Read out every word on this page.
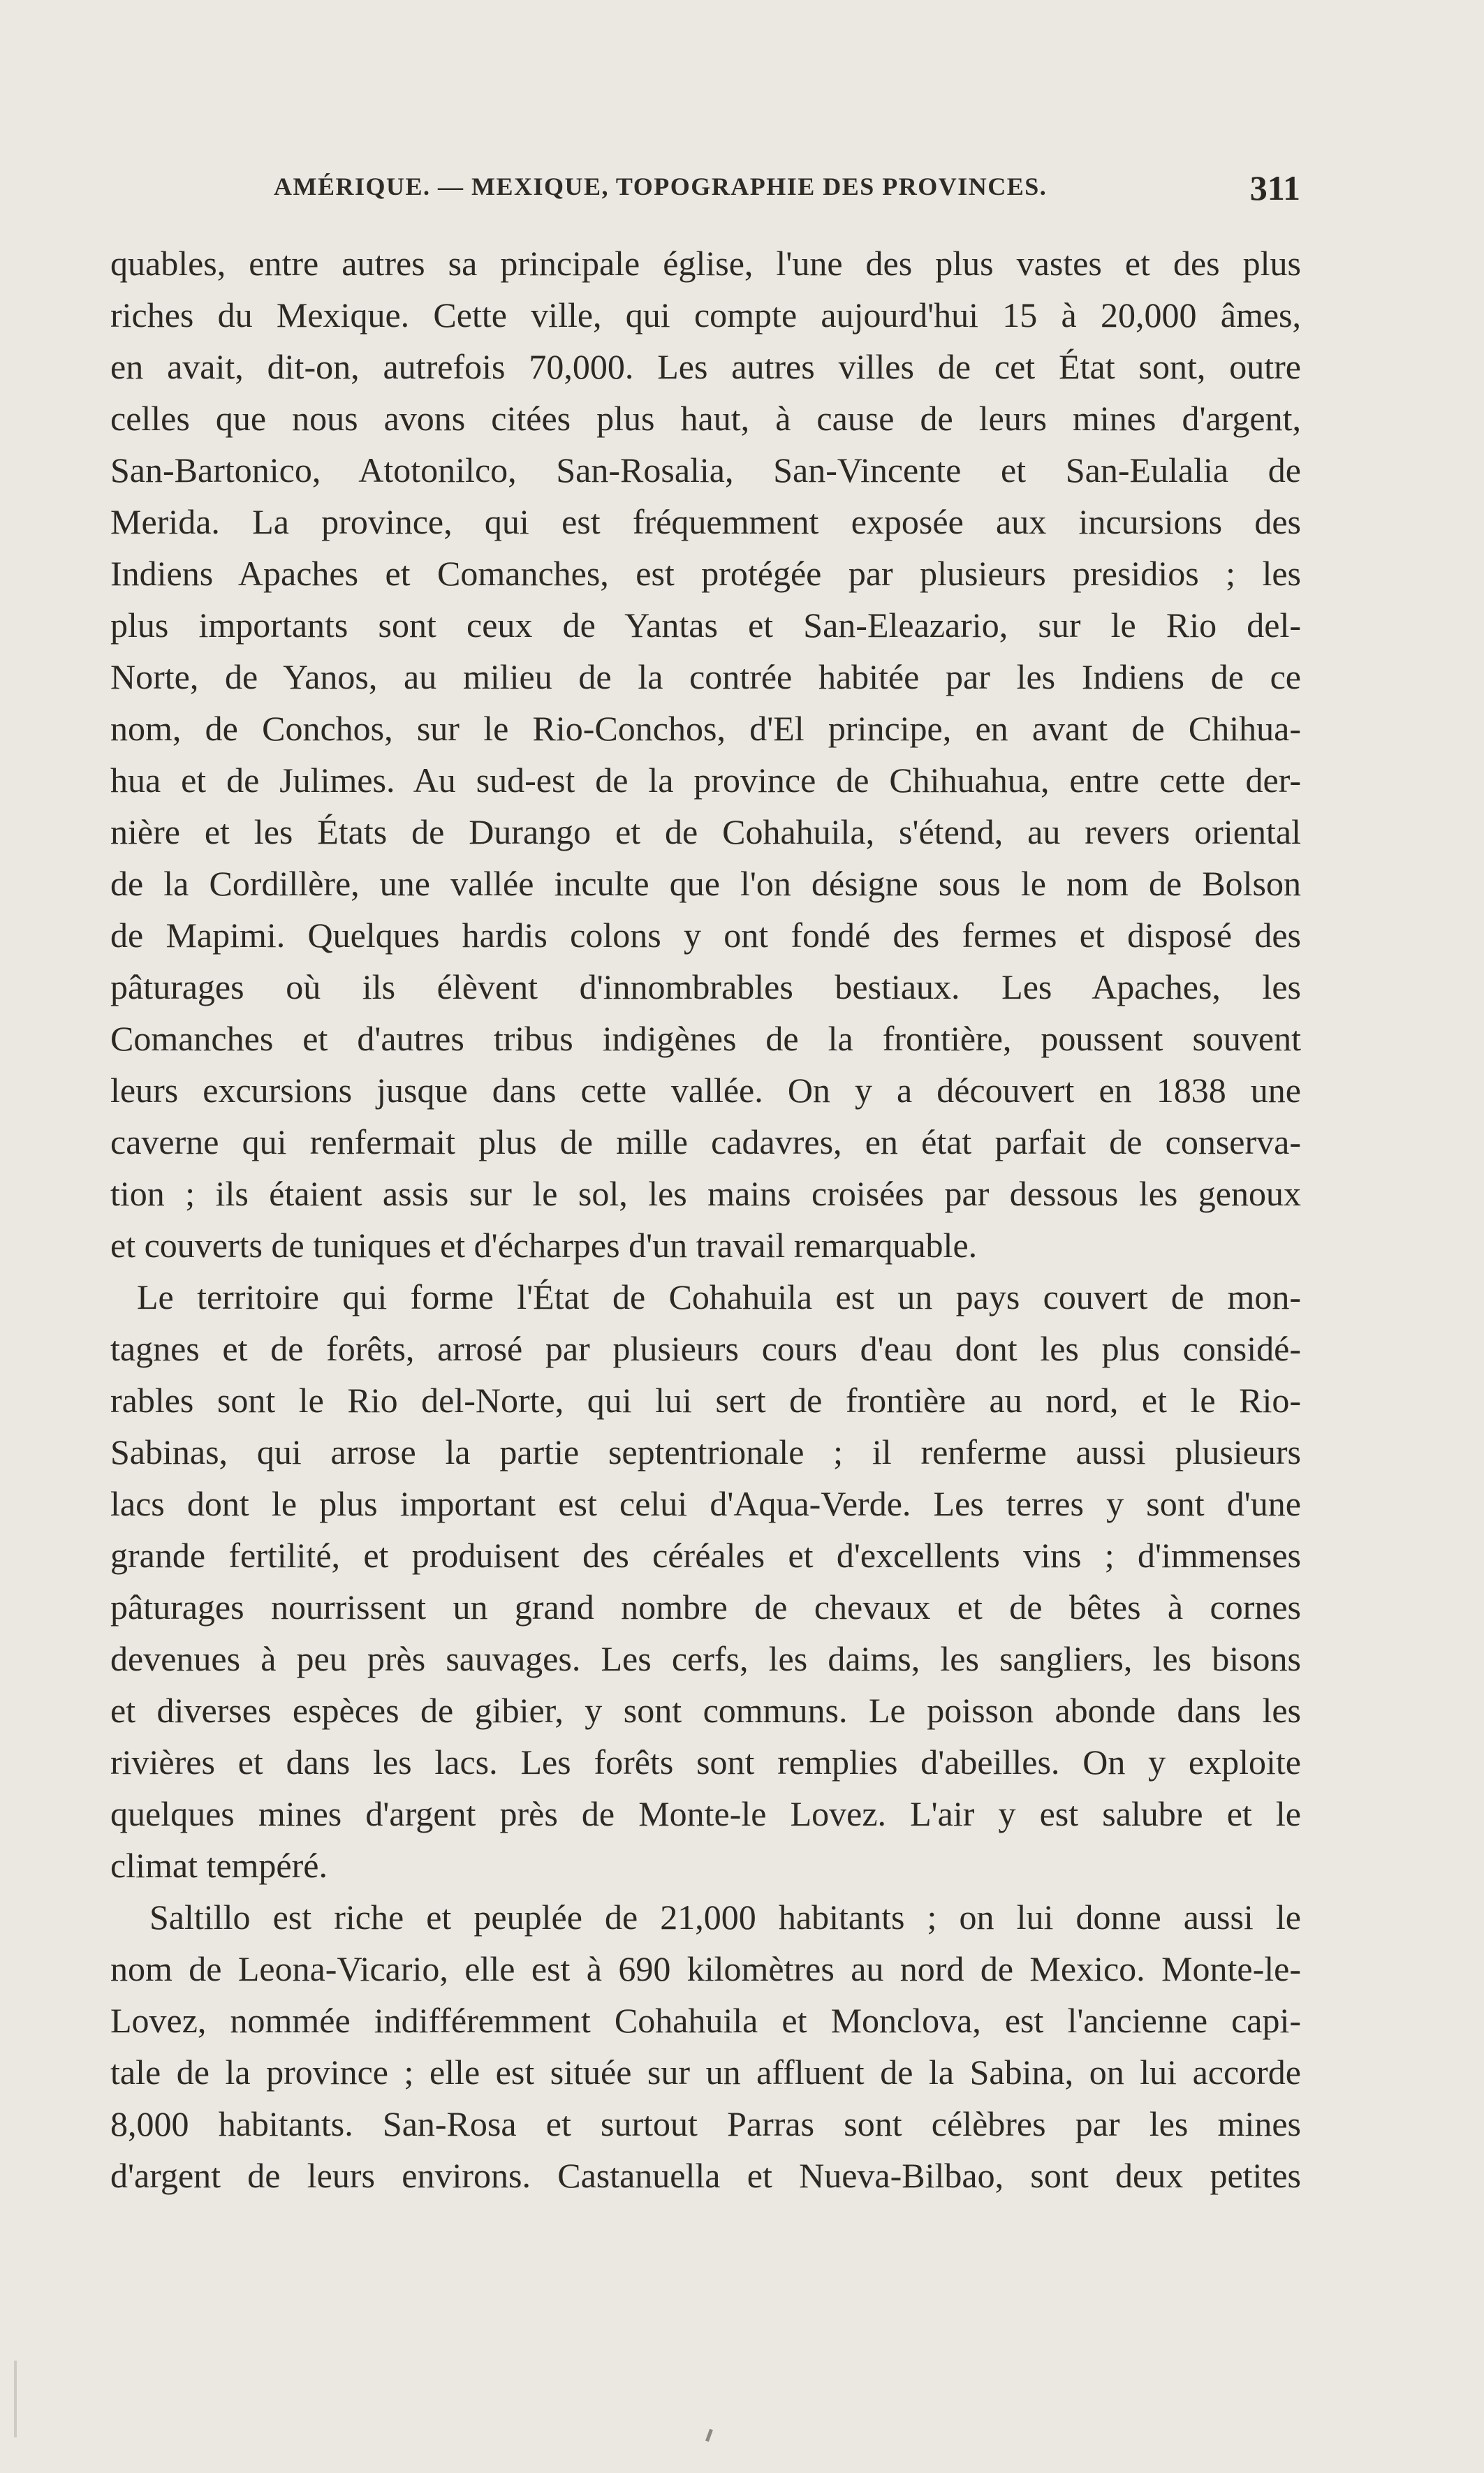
AMÉRIQUE. — MEXIQUE, TOPOGRAPHIE DES PROVINCES.	311
quables, entre autres sa principale église, l'une des plus vastes et des plus
riches du Mexique. Cette ville, qui compte aujourd'hui 15 à 20,000 âmes,
en avait, dit-on, autrefois 70,000. Les autres villes de cet État sont, outre
celles que nous avons citées plus haut, à cause de leurs mines d'argent,
San-Bartonico, Atotonilco, San-Rosalia, San-Vincente et San-Eulalia de
Merida. La province, qui est fréquemment exposée aux incursions des
Indiens Apaches et Comanches, est protégée par plusieurs presidios ; les
plus importants sont ceux de Yantas et San-Eleazario, sur le Rio del-
Norte, de Yanos, au milieu de la contrée habitée par les Indiens de ce
nom, de Conchos, sur le Rio-Conchos, d'El principe, en avant de Chihua-
hua et de Julimes. Au sud-est de la province de Chihuahua, entre cette der-
nière et les États de Durango et de Cohahuila, s'étend, au revers oriental
de la Cordillère, une vallée inculte que l'on désigne sous le nom de Bolson
de Mapimi. Quelques hardis colons y ont fondé des fermes et disposé des
pâturages où ils élèvent d'innombrables bestiaux. Les Apaches, les
Comanches et d'autres tribus indigènes de la frontière, poussent souvent
leurs excursions jusque dans cette vallée. On y a découvert en 1838 une
caverne qui renfermait plus de mille cadavres, en état parfait de conserva-
tion ; ils étaient assis sur le sol, les mains croisées par dessous les genoux
et couverts de tuniques et d'écharpes d'un travail remarquable.
Le territoire qui forme l'État de Cohahuila est un pays couvert de mon-
tagnes et de forêts, arrosé par plusieurs cours d'eau dont les plus considé-
rables sont le Rio del-Norte, qui lui sert de frontière au nord, et le Rio-
Sabinas, qui arrose la partie septentrionale ; il renferme aussi plusieurs
lacs dont le plus important est celui d'Aqua-Verde. Les terres y sont d'une
grande fertilité, et produisent des céréales et d'excellents vins ; d'immenses
pâturages nourrissent un grand nombre de chevaux et de bêtes à cornes
devenues à peu près sauvages. Les cerfs, les daims, les sangliers, les bisons
et diverses espèces de gibier, y sont communs. Le poisson abonde dans les
rivières et dans les lacs. Les forêts sont remplies d'abeilles. On y exploite
quelques mines d'argent près de Monte-le Lovez. L'air y est salubre et le
climat tempéré.
Saltillo est riche et peuplée de 21,000 habitants ; on lui donne aussi le
nom de Leona-Vicario, elle est à 690 kilomètres au nord de Mexico. Monte-le-
Lovez, nommée indifféremment Cohahuila et Monclova, est l'ancienne capi-
tale de la province ; elle est située sur un affluent de la Sabina, on lui accorde
8,000 habitants. San-Rosa et surtout Parras sont célèbres par les mines
d'argent de leurs environs. Castanuella et Nueva-Bilbao, sont deux petites
